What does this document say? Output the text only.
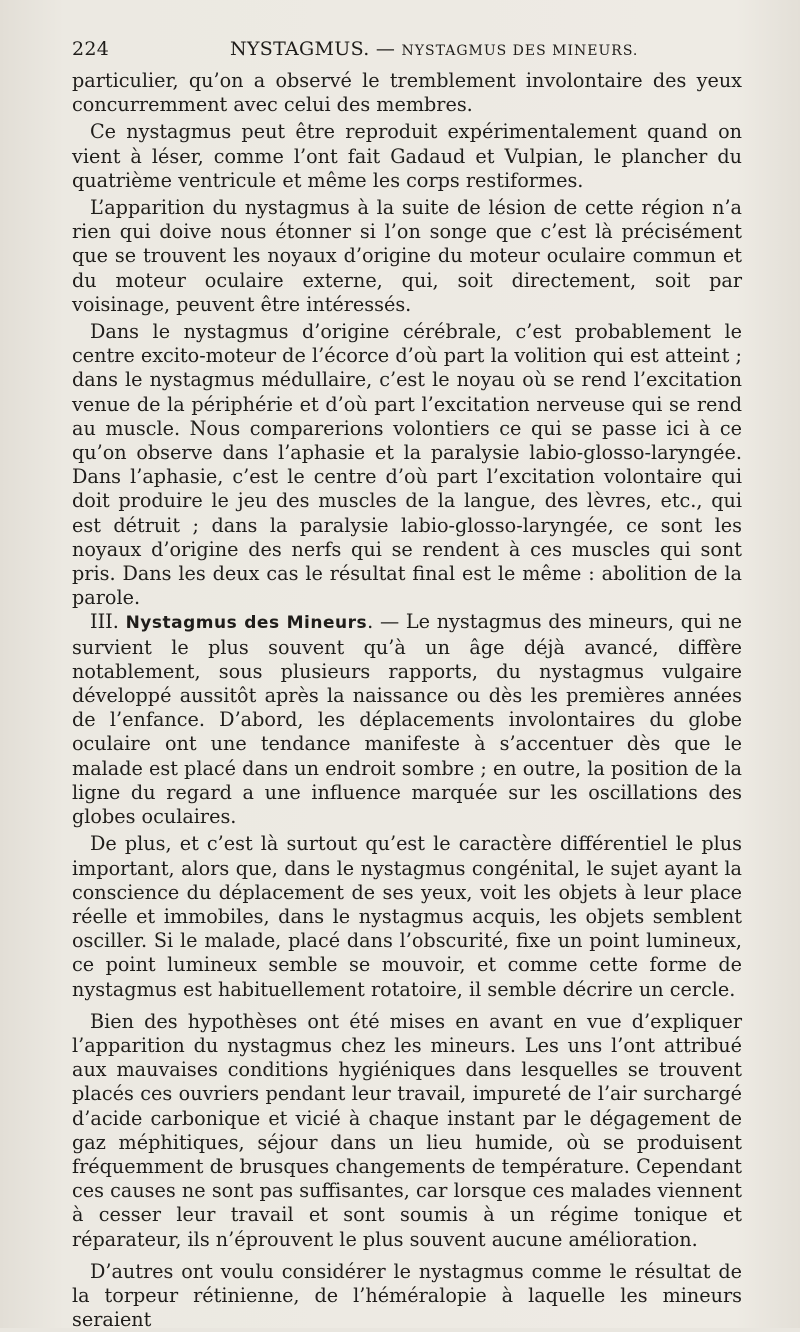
224	NYSTAGMUS. — NYSTAGMUS DES MINEURS.

particulier, qu’on a observé le tremblement involontaire des yeux concurremment avec celui des membres.

Ce nystagmus peut être reproduit expérimentalement quand on vient à léser, comme l’ont fait Gadaud et Vulpian, le plancher du quatrième ventricule et même les corps restiformes.

L’apparition du nystagmus à la suite de lésion de cette région n’a rien qui doive nous étonner si l’on songe que c’est là précisément que se trouvent les noyaux d’origine du moteur oculaire commun et du moteur oculaire externe, qui, soit directement, soit par voisinage, peuvent être intéressés.

Dans le nystagmus d’origine cérébrale, c’est probablement le centre excito-moteur de l’écorce d’où part la volition qui est atteint ; dans le nystagmus médullaire, c’est le noyau où se rend l’excitation venue de la périphérie et d’où part l’excitation nerveuse qui se rend au muscle. Nous comparerions volontiers ce qui se passe ici à ce qu’on observe dans l’aphasie et la paralysie labio-glosso-laryngée. Dans l’aphasie, c’est le centre d’où part l’excitation volontaire qui doit produire le jeu des muscles de la langue, des lèvres, etc., qui est détruit ; dans la paralysie labio-glosso-laryngée, ce sont les noyaux d’origine des nerfs qui se rendent à ces muscles qui sont pris. Dans les deux cas le résultat final est le même : abolition de la parole.

III. Nystagmus des Mineurs. — Le nystagmus des mineurs, qui ne survient le plus souvent qu’à un âge déjà avancé, diffère notablement, sous plusieurs rapports, du nystagmus vulgaire développé aussitôt après la naissance ou dès les premières années de l’enfance. D’abord, les déplacements involontaires du globe oculaire ont une tendance manifeste à s’accentuer dès que le malade est placé dans un endroit sombre ; en outre, la position de la ligne du regard a une influence marquée sur les oscillations des globes oculaires.

De plus, et c’est là surtout qu’est le caractère différentiel le plus important, alors que, dans le nystagmus congénital, le sujet ayant la conscience du déplacement de ses yeux, voit les objets à leur place réelle et immobiles, dans le nystagmus acquis, les objets semblent osciller. Si le malade, placé dans l’obscurité, fixe un point lumineux, ce point lumineux semble se mouvoir, et comme cette forme de nystagmus est habituellement rotatoire, il semble décrire un cercle.

Bien des hypothèses ont été mises en avant en vue d’expliquer l’apparition du nystagmus chez les mineurs. Les uns l’ont attribué aux mauvaises conditions hygiéniques dans lesquelles se trouvent placés ces ouvriers pendant leur travail, impureté de l’air surchargé d’acide carbonique et vicié à chaque instant par le dégagement de gaz méphitiques, séjour dans un lieu humide, où se produisent fréquemment de brusques changements de température. Cependant ces causes ne sont pas suffisantes, car lorsque ces malades viennent à cesser leur travail et sont soumis à un régime tonique et réparateur, ils n’éprouvent le plus souvent aucune amélioration.

D’autres ont voulu considérer le nystagmus comme le résultat de la torpeur rétinienne, de l’héméralopie à laquelle les mineurs seraient
